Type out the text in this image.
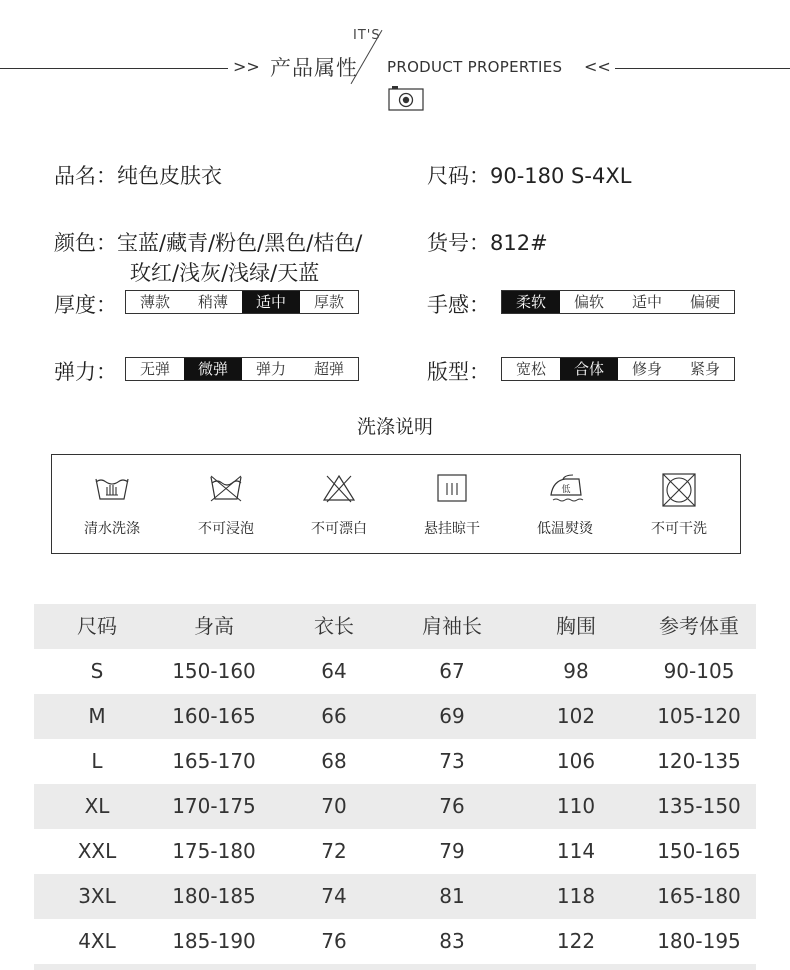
>> 产品属性
IT'S
PRODUCT PROPERTIES <<
品名：纯色皮肤衣	尺码：90-180 S-4XL
颜色：宝蓝/藏青/粉色/黑色/桔色/
玫红/浅灰/浅绿/天蓝
货号：812#
厚度：	薄款	稍薄	适中	厚款	手感：	柔软	偏软	适中	偏硬
弹力：	无弹	微弹	弹力	超弹	版型：	宽松	合体	修身	紧身
洗涤说明
清水洗涤	不可浸泡	不可漂白	悬挂晾干
低
低温熨烫	不可干洗
尺码	身高	衣长	肩袖长	胸围	参考体重
S	150-160	64	67	98	90-105
M	160-165	66	69	102	105-120
L	165-170	68	73	106	120-135
XL	170-175	70	76	110	135-150
XXL	175-180	72	79	114	150-165
3XL	180-185	74	81	118	165-180
4XL	185-190	76	83	122	180-195
